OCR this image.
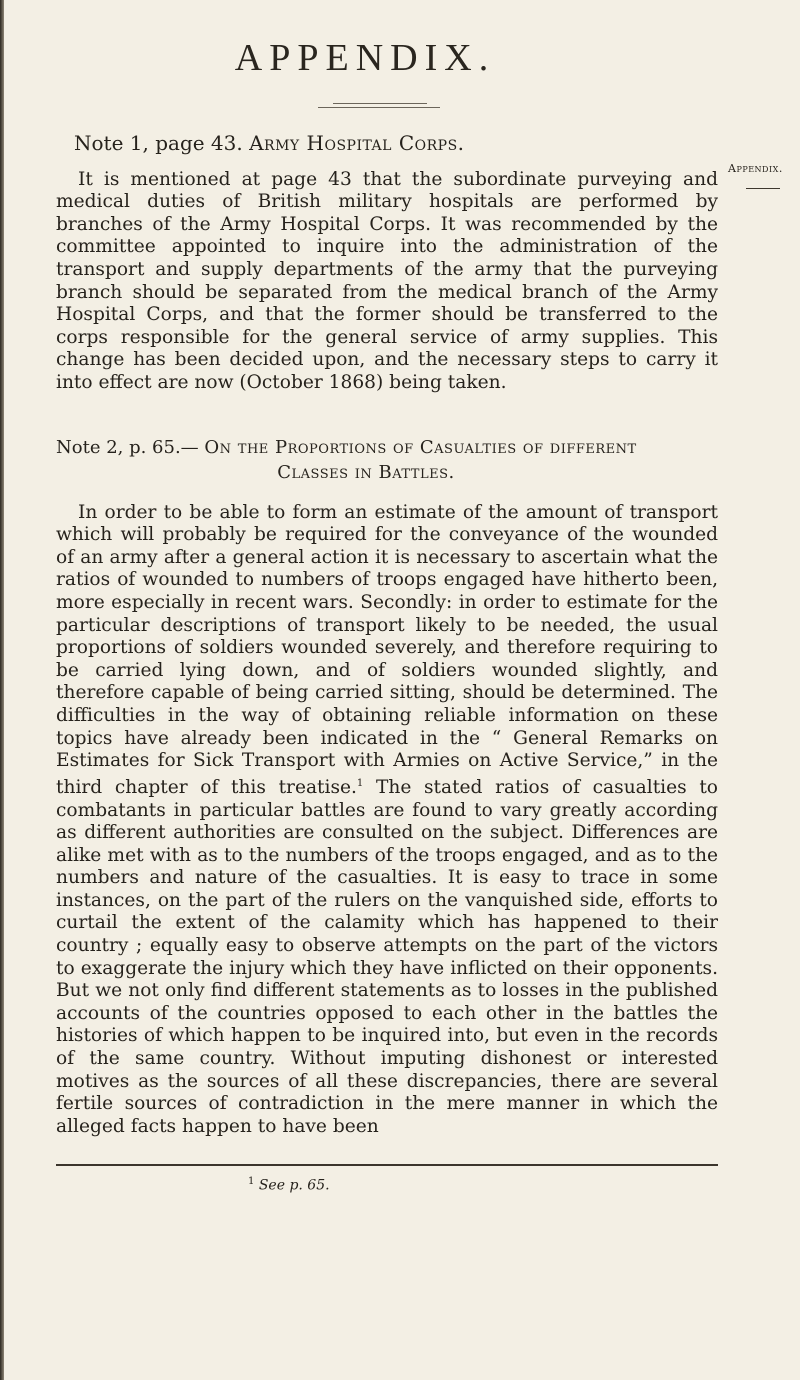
APPENDIX.
Appendix.
Note 1, page 43. Army Hospital Corps.

It is mentioned at page 43 that the subordinate purveying and medical duties of British military hospitals are performed by branches of the Army Hospital Corps. It was recommended by the committee appointed to inquire into the administration of the transport and supply departments of the army that the purveying branch should be separated from the medical branch of the Army Hospital Corps, and that the former should be transferred to the corps responsible for the general service of army supplies. This change has been decided upon, and the necessary steps to carry it into effect are now (October 1868) being taken.

Note 2, p. 65.— On the Proportions of Casualties of different
Classes in Battles.

In order to be able to form an estimate of the amount of transport which will probably be required for the conveyance of the wounded of an army after a general action it is necessary to ascertain what the ratios of wounded to numbers of troops engaged have hitherto been, more especially in recent wars. Secondly: in order to estimate for the particular descriptions of transport likely to be needed, the usual proportions of soldiers wounded severely, and therefore requiring to be carried lying down, and of soldiers wounded slightly, and therefore capable of being carried sitting, should be determined. The difficulties in the way of obtaining reliable information on these topics have already been indicated in the “ General Remarks on Estimates for Sick Transport with Armies on Active Service,” in the third chapter of this treatise.$^1$ The stated ratios of casualties to combatants in particular battles are found to vary greatly according as different authorities are consulted on the subject. Differences are alike met with as to the numbers of the troops engaged, and as to the numbers and nature of the casualties. It is easy to trace in some instances, on the part of the rulers on the vanquished side, efforts to curtail the extent of the calamity which has happened to their country ; equally easy to observe attempts on the part of the victors to exaggerate the injury which they have inflicted on their opponents. But we not only find different statements as to losses in the published accounts of the countries opposed to each other in the battles the histories of which happen to be inquired into, but even in the records of the same country. Without imputing dishonest or interested motives as the sources of all these discrepancies, there are several fertile sources of contradiction in the mere manner in which the alleged facts happen to have been

$^1$ See p. 65.
